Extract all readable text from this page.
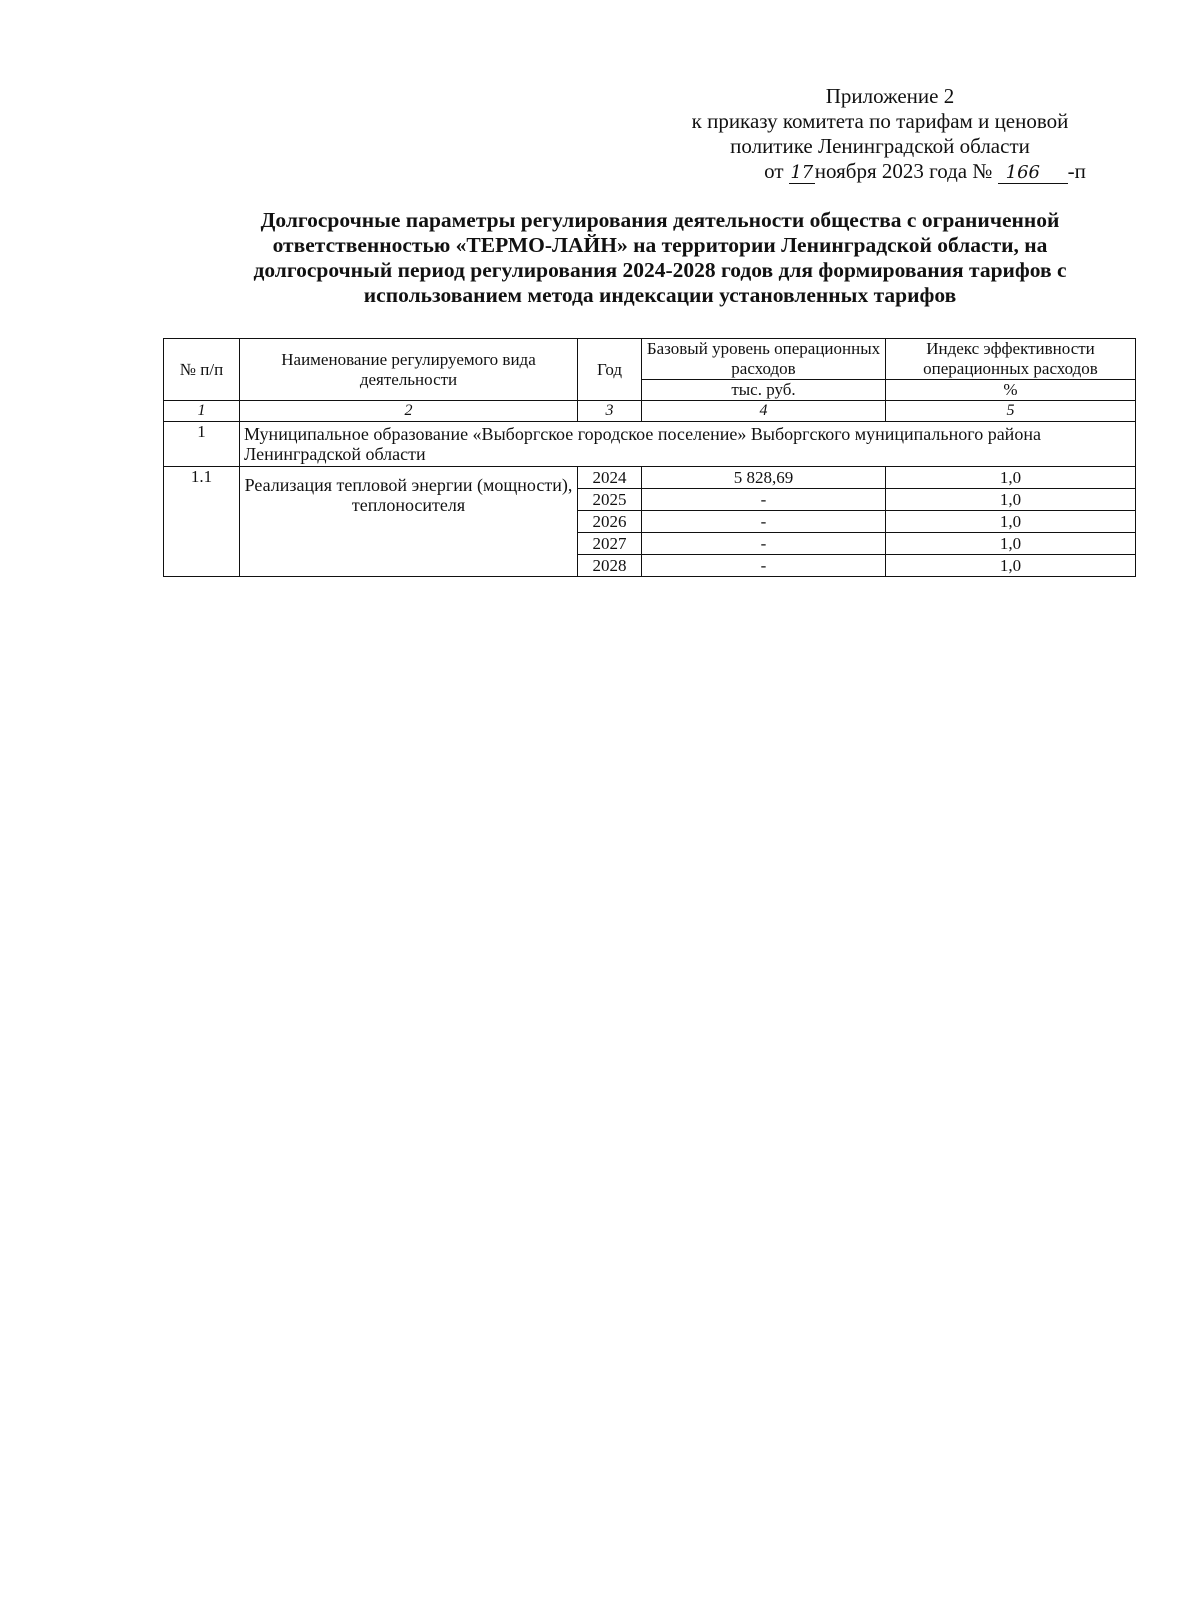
Приложение 2
к приказу комитета по тарифам и ценовой
политике Ленинградской области
от 17ноября 2023 года № 166 -п
Долгосрочные параметры регулирования деятельности общества с ограниченной
ответственностью «ТЕРМО-ЛАЙН» на территории Ленинградской области, на
долгосрочный период регулирования 2024-2028 годов для формирования тарифов с
использованием метода индексации установленных тарифов
№ п/п	Наименование регулируемого вида деятельности	Год	Базовый уровень операционных расходов	Индекс эффективности операционных расходов
			тыс. руб.	%
1	2	3	4	5
1	Муниципальное образование «Выборгское городское поселение» Выборгского муниципального района Ленинградской области			
1.1	Реализация тепловой энергии (мощности), теплоносителя	2024	5 828,69	1,0
		2025	-	1,0
		2026	-	1,0
		2027	-	1,0
		2028	-	1,0
